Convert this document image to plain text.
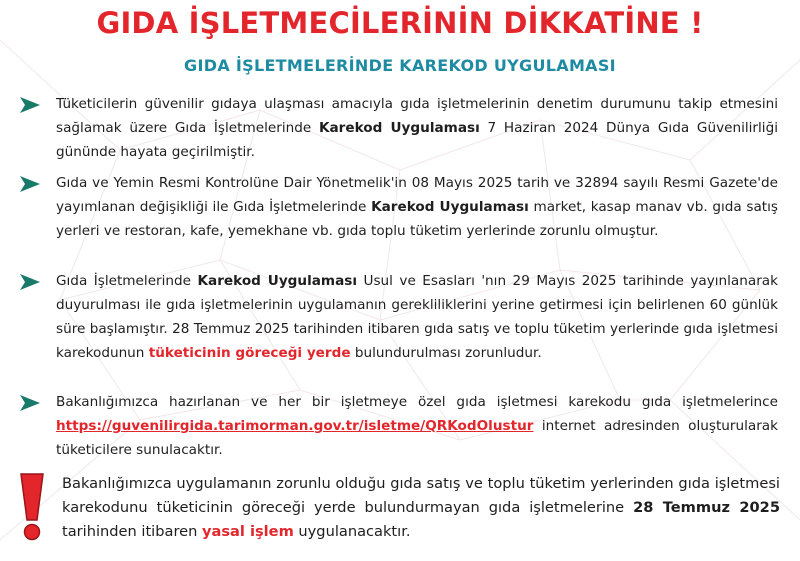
GIDA İŞLETMECİLERİNİN DİKKATİNE !
GIDA İŞLETMELERİNDE KAREKOD UYGULAMASI

Tüketicilerin güvenilir gıdaya ulaşması amacıyla gıda işletmelerinin denetim durumunu takip etmesini sağlamak üzere Gıda İşletmelerinde Karekod Uygulaması 7 Haziran 2024 Dünya Gıda Güvenilirliği gününde hayata geçirilmiştir.

Gıda ve Yemin Resmi Kontrolüne Dair Yönetmelik'in 08 Mayıs 2025 tarih ve 32894 sayılı Resmi Gazete'de yayımlanan değişikliği ile Gıda İşletmelerinde Karekod Uygulaması market, kasap manav vb. gıda satış yerleri ve restoran, kafe, yemekhane vb. gıda toplu tüketim yerlerinde zorunlu olmuştur.

Gıda İşletmelerinde Karekod Uygulaması Usul ve Esasları 'nın 29 Mayıs 2025 tarihinde yayınlanarak duyurulması ile gıda işletmelerinin uygulamanın gerekliliklerini yerine getirmesi için belirlenen 60 günlük süre başlamıştır. 28 Temmuz 2025 tarihinden itibaren gıda satış ve toplu tüketim yerlerinde gıda işletmesi karekodunun tüketicinin göreceği yerde bulundurulması zorunludur.

Bakanlığımızca hazırlanan ve her bir işletmeye özel gıda işletmesi karekodu gıda işletmelerince https://guvenilirgida.tarimorman.gov.tr/isletme/QRKodOlustur internet adresinden oluşturularak tüketicilere sunulacaktır.

Bakanlığımızca uygulamanın zorunlu olduğu gıda satış ve toplu tüketim yerlerinden gıda işletmesi karekodunu tüketicinin göreceği yerde bulundurmayan gıda işletmelerine 28 Temmuz 2025 tarihinden itibaren yasal işlem uygulanacaktır.
